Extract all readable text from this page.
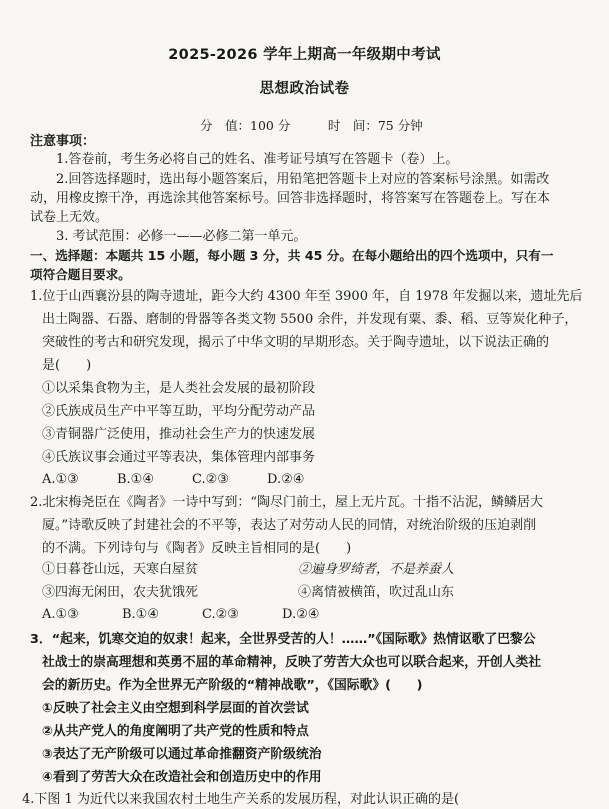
2025-2026 学年上期高一年级期中考试
思想政治试卷
分　值：100 分　　　时　间：75 分钟
注意事项：
1.答卷前，考生务必将自己的姓名、准考证号填写在答题卡（卷）上。
2.回答选择题时，选出每小题答案后，用铅笔把答题卡上对应的答案标号涂黑。如需改
动，用橡皮擦干净，再选涂其他答案标号。回答非选择题时，将答案写在答题卷上。写在本
试卷上无效。
3. 考试范围：必修一——必修二第一单元。
一、选择题：本题共 15 小题，每小题 3 分，共 45 分。在每小题给出的四个选项中，只有一
项符合题目要求。
1.位于山西襄汾县的陶寺遗址，距今大约 4300 年至 3900 年，自 1978 年发掘以来，遗址先后
出土陶器、石器、磨制的骨器等各类文物 5500 余件，并发现有粟、黍、稻、豆等炭化种子，
突破性的考古和研究发现，揭示了中华文明的早期形态。关于陶寺遗址，以下说法正确的
是(　　)
①以采集食物为主，是人类社会发展的最初阶段
②氏族成员生产中平等互助，平均分配劳动产品
③青铜器广泛使用，推动社会生产力的快速发展
④氏族议事会通过平等表决，集体管理内部事务
A.①③	B.①④	C.②③	D.②④
2.北宋梅尧臣在《陶者》一诗中写到：“陶尽门前土，屋上无片瓦。十指不沾泥，鳞鳞居大
厦。”诗歌反映了封建社会的不平等，表达了对劳动人民的同情，对统治阶级的压迫剥削
的不满。下列诗句与《陶者》反映主旨相同的是(　　)
①日暮苍山远，天寒白屋贫	②遍身罗绮者，不是养蚕人
③四海无闲田，农夫犹饿死	④离情被横笛，吹过乱山东
A.①③	B.①④	C.②③	D.②④
3．“起来，饥寒交迫的奴隶！起来，全世界受苦的人！……”《国际歌》热情讴歌了巴黎公
社战士的崇高理想和英勇不屈的革命精神，反映了劳苦大众也可以联合起来，开创人类社
会的新历史。作为全世界无产阶级的“精神战歌”，《国际歌》(　　)
①反映了社会主义由空想到科学层面的首次尝试
②从共产党人的角度阐明了共产党的性质和特点
③表达了无产阶级可以通过革命推翻资产阶级统治
④看到了劳苦大众在改造社会和创造历史中的作用
4.下图 1 为近代以来我国农村土地生产关系的发展历程，对此认识正确的是(
